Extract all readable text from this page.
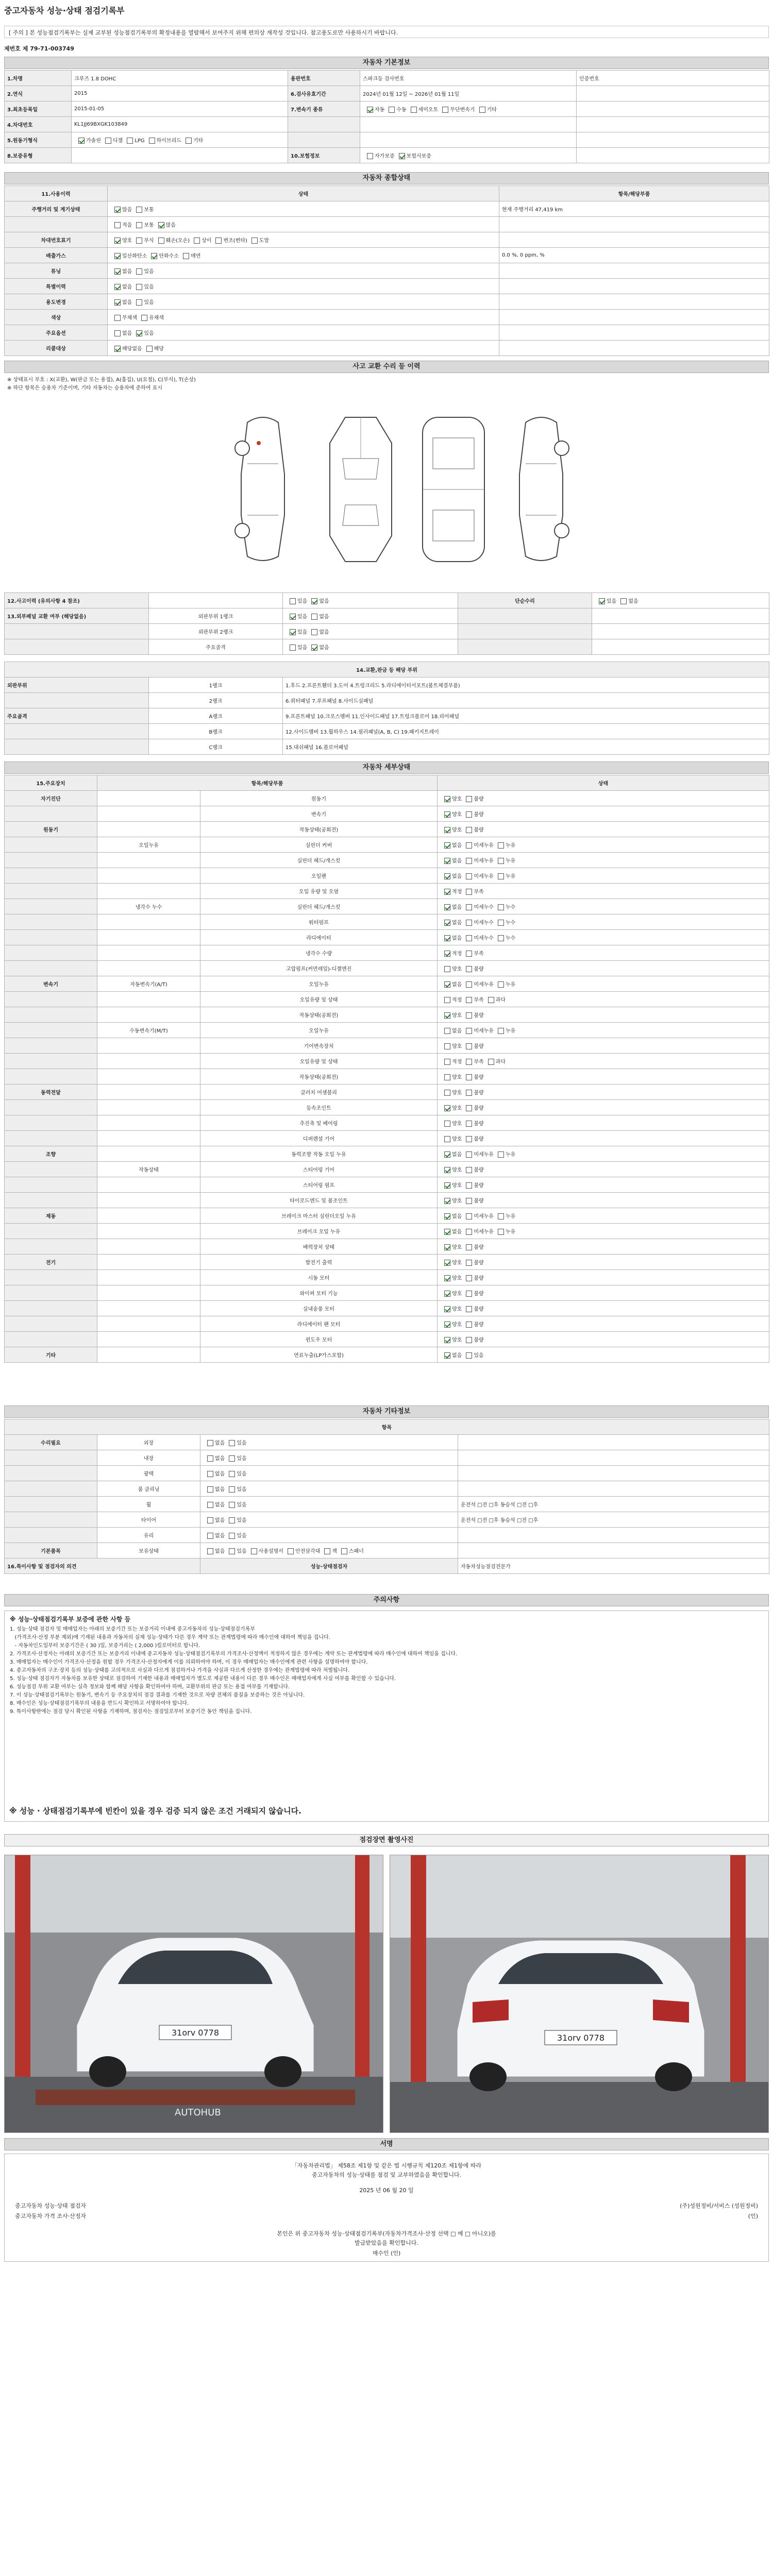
중고자동차 성능·상태 점검기록부
[ 주의 ] 본 성능점검기록부는 실제 교부된 성능점검기록부의 확정내용을 열람해서 보여주지 위해 편의상 재작성 것입니다. 참고용도로만 사용하시기 바랍니다.
제번호 제 79-71-003749
자동차 기본정보
1.차명	크루즈 1.8 DOHC	용판번호	스파크등 검사번호	인증번호
2.연식	2015	6.검사유효기간	2024년 01월 12일 ~ 2026년 01월 11일	
3.최초등록일	2015-01-05	7.변속기 종류	자동 수동 세미오토 무단변속기 기타	
4.차대번호	KL1JJ69BXGK103849			
5.원동기형식	가솔린 디젤 LPG 하이브리드 기타			
8.보증유형		10.보험정보	자가보증 보험사보증	
자동차 종합상태
11.사용이력	상태	항목/해당부품
주행거리 및 계기상태	많음 보통	현재 주행거리 47,419 km
	적음 보통 많음	
차대번호표기	양호 부식 훼손(오손) 상이 변조(변타) 도말	
배출가스	일산화탄소 탄화수소 매연	0.0 %, 0 ppm, %
튜닝	없음 있음	
특별이력	없음 있음	
용도변경	없음 있음	
색상	무채색 유채색	
주요옵션	없음 있음	
리콜대상	해당없음 해당	
사고 교환 수리 등 이력
※ 상태표시 부호 : X(교환), W(판금 또는 용접), A(흠집), U(요철), C(부식), T(손상)
※ 하단 항목은 승용차 기준이며, 기타 자동차는 승용차에 준하여 표시
12.사고이력 (유의사항 4 참조)		있음 없음	단순수리	있음 없음
13.외부패널 교환 여부 (해당없음)	외판부위 1랭크	있음 없음		
	외판부위 2랭크	있음 없음		
	주요골격	있음 없음		
14.교환,판금 등 해당 부위		
외판부위	1랭크	1.후드 2.프론트휀더 3.도어 4.트렁크리드 5.라디에이터서포트(볼트체결부품)
	2랭크	6.쿼터패널 7.루프패널 8.사이드실패널
주요골격	A랭크	9.프론트패널 10.크로스멤버 11.인사이드패널 17.트렁크플로어 18.리어패널
	B랭크	12.사이드멤버 13.휠하우스 14.필러패널(A, B, C) 19.패키지트레이
	C랭크	15.대쉬패널 16.플로어패널
자동차 세부상태
15.주요장치	항목/해당부품		상태
자기진단		원동기	양호 불량
		변속기	양호 불량
원동기		작동상태(공회전)	양호 불량
	오일누유	실린더 커버	없음 미세누유 누유
		실린더 헤드/개스킷	없음 미세누유 누유
		오일팬	없음 미세누유 누유
		오일 유량 및 오염	적정 부족
	냉각수 누수	실린더 헤드/개스킷	없음 미세누수 누수
		워터펌프	없음 미세누수 누수
		라디에이터	없음 미세누수 누수
		냉각수 수량	적정 부족
		고압펌프(커먼레일)-디젤엔진	양호 불량
변속기	자동변속기(A/T)	오일누유	없음 미세누유 누유
		오일유량 및 상태	적정 부족 과다
		작동상태(공회전)	양호 불량
	수동변속기(M/T)	오일누유	없음 미세누유 누유
		기어변속장치	양호 불량
		오일유량 및 상태	적정 부족 과다
		작동상태(공회전)	양호 불량
동력전달		클러치 어셈블리	양호 불량
		등속조인트	양호 불량
		추진축 및 베어링	양호 불량
		디퍼렌셜 기어	양호 불량
조향		동력조향 작동 오일 누유	없음 미세누유 누유
	작동상태	스티어링 기어	양호 불량
		스티어링 펌프	양호 불량
		타이로드엔드 및 볼조인트	양호 불량
제동		브레이크 마스터 실린더오일 누유	없음 미세누유 누유
		브레이크 오일 누유	없음 미세누유 누유
		배력장치 상태	양호 불량
전기		발전기 출력	양호 불량
		시동 모터	양호 불량
		와이퍼 모터 기능	양호 불량
		실내송풍 모터	양호 불량
		라디에이터 팬 모터	양호 불량
		윈도우 모터	양호 불량
기타		연료누출(LP가스포함)	없음 있음
자동차 기타정보
항목			
수리필요	외장	없음 있음	
	내장	없음 있음	
	광택	없음 있음	
	룸 클리닝	없음 있음	
	휠	없음 있음	운전석 □전 □후 동승석 □전 □후
	타이어	없음 있음	운전석 □전 □후 동승석 □전 □후
	유리	없음 있음	
기본품목	보유상태	없음 있음 사용설명서 안전삼각대 잭 스패너	
16.특이사항 및 점검자의 의견		성능·상태점검자	자동차성능점검전문가
주의사항
※ 성능·상태점검기록부 보증에 관한 사항 등
1. 성능·상태 점검자 및 매매업자는 아래의 보증기간 또는 보증거리 이내에 중고자동차의 성능·상태점검기록부
(가격조사·산정 부분 제외)에 기재된 내용과 자동차의 실제 성능·상태가 다른 경우 계약 또는 관계법령에 따라 매수인에 대하여 책임을 집니다.
- 자동차인도일부터 보증기간은 ( 30 )일, 보증거리는 ( 2,000 )킬로미터로 합니다.
2. 가격조사·산정자는 아래의 보증기간 또는 보증거리 이내에 중고자동차 성능·상태점검기록부의 가격조사·산정액이 적정하지 않은 경우에는 계약 또는 관계법령에 따라 매수인에 대하여 책임을 집니다.
3. 매매업자는 매수인이 가격조사·산정을 원할 경우 가격조사·산정자에게 이를 의뢰하여야 하며, 이 경우 매매업자는 매수인에게 관련 사항을 설명하여야 합니다.
4. 중고자동차의 구조·장치 등의 성능·상태를 고의적으로 사실과 다르게 점검하거나 가격을 사실과 다르게 산정한 경우에는 관계법령에 따라 처벌됩니다.
5. 성능·상태 점검자가 자동차를 보유한 상태로 점검하여 기재한 내용과 매매업자가 별도로 제공한 내용이 다른 경우 매수인은 매매업자에게 사실 여부를 확인할 수 있습니다.
6. 성능점검 부위 교환 여부는 실측 정보와 함께 해당 사항을 확인하여야 하며, 교환부위의 판금 또는 용접 여부를 기재합니다.
7. 이 성능·상태점검기록부는 원동기, 변속기 등 주요장치의 점검 결과를 기재한 것으로 차량 전체의 품질을 보증하는 것은 아닙니다.
8. 매수인은 성능·상태점검기록부의 내용을 반드시 확인하고 서명하여야 합니다.
9. 특이사항란에는 점검 당시 확인된 사항을 기재하며, 점검자는 점검일로부터 보증기간 동안 책임을 집니다.
※ 성능 · 상태점검기록부에 빈칸이 있을 경우 검증 되지 않은 조건 거래되지 않습니다.
점검장면 촬영사진
31orv 0778
AUTOHUB
31orv 0778
서명
「자동차관리법」 제58조 제1항 및 같은 법 시행규칙 제120조 제1항에 따라
중고자동차의 성능·상태를 점검 및 교부하였음을 확인합니다.
2025 년 06 월 20 일
중고자동차 성능·상태 점검자	(주)성원정비/서비스 (성원정비)
중고자동차 가격 조사·산정자	(인)
본인은 위 중고자동차 성능·상태점검기록부(자동차가격조사·산정 선택 □ 예 □ 아니오)를
발급받았음을 확인합니다.
매수인 (인)
